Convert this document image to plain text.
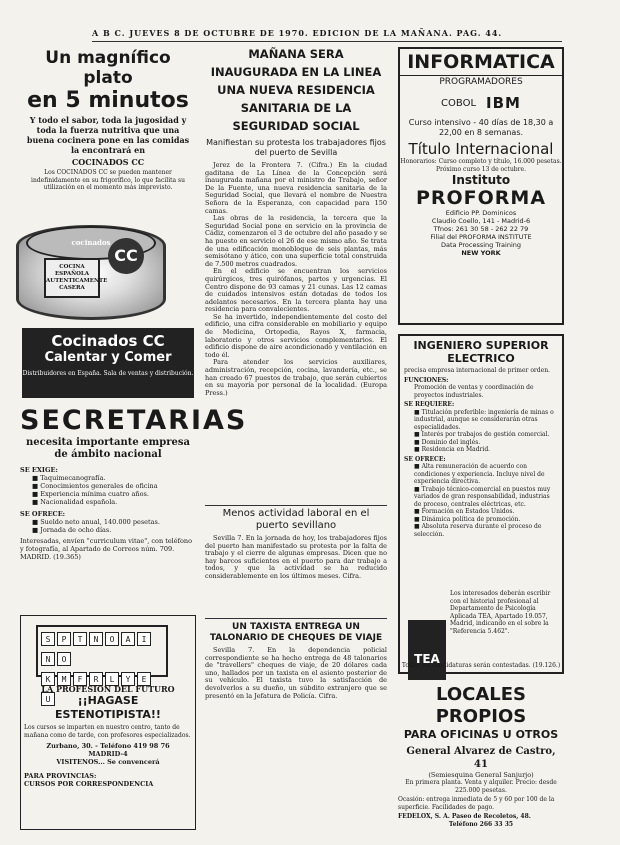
A B C. JUEVES 8 DE OCTUBRE DE 1970. EDICION DE LA MAÑANA. PAG. 44.
Un magnífico plato
en 5 minutos
Y todo el sabor, toda la jugosidad y toda la fuerza nutritiva que una buena cocinera pone en las comidas la encontrará en
COCINADOS CC
Los COCINADOS CC se pueden mantener indefinidamente en su frigorífico, lo que facilita su utilización en el momento más imprevisto.
cocinados
COCINA ESPAÑOLA AUTENTICAMENTE CASERA
CC
Cocinados CC
Calentar y Comer
Distribuidores en España. Sala de ventas y distribución.
SECRETARIAS
necesita importante empresa de ámbito nacional
SE EXIGE:
■ Taquimecanografía.
■ Conocimientos generales de oficina
■ Experiencia mínima cuatro años.
■ Nacionalidad española.
SE OFRECE:
■ Sueldo neto anual, 140.000 pesetas.
■ Jornada de ocho días.
Interesadas, envíen "curriculum vitae", con teléfono y fotografía, al Apartado de Correos núm. 709. MADRID. (19.365)
S P T N O A IN O
K M F R L Y EU
LA PROFESION DEL FUTURO
¡¡HAGASE ESTENOTIPISTA!!
Los cursos se imparten en nuestro centro, tanto de mañana como de tarde, con profesores especializados.
Zurbano, 30. - Teléfono 419 98 76
MADRID-4
VISITENOS... Se convencerá
PARA PROVINCIAS:
CURSOS POR CORRESPONDENCIA
MAÑANA SERA INAUGURADA EN LA LINEA UNA NUEVA RESIDENCIA SANITARIA DE LA SEGURIDAD SOCIAL
Manifiestan su protesta los trabajadores fijos del puerto de Sevilla
Jerez de la Frontera 7. (Cifra.) En la ciudad gaditana de La Línea de la Concepción será inaugurada mañana por el ministro de Trabajo, señor De la Fuente, una nueva residencia sanitaria de la Seguridad Social, que llevará el nombre de Nuestra Señora de la Esperanza, con capacidad para 150 camas.
Las obras de la residencia, la tercera que la Seguridad Social pone en servicio en la provincia de Cádiz, comenzaron el 3 de octubre del año pasado y se ha puesto en servicio el 26 de ese mismo año. Se trata de una edificación monobloque de seis plantas, más semisótano y ático, con una superficie total construida de 7.500 metros cuadrados.
En el edificio se encuentran los servicios quirúrgicos, tres quirófanos, partos y urgencias. El Centro dispone de 93 camas y 21 cunas. Las 12 camas de cuidados intensivos están dotadas de todos los adelantos necesarios. En la tercera planta hay una residencia para convalecientes.
Se ha invertido, independientemente del costo del edificio, una cifra considerable en mobiliario y equipo de Medicina, Ortopedia, Rayos X, farmacia, laboratorio y otros servicios complementarios. El edificio dispone de aire acondicionado y ventilación en todo él.
Para atender los servicios auxiliares, administración, recepción, cocina, lavandería, etc., se han creado 67 puestos de trabajo, que serán cubiertos en su mayoría por personal de la localidad. (Europa Press.)
Menos actividad laboral en el puerto sevillano
Sevilla 7. En la jornada de hoy, los trabajadores fijos del puerto han manifestado su protesta por la falta de trabajo y el cierre de algunas empresas. Dicen que no hay barcos suficientes en el puerto para dar trabajo a todos, y que la actividad se ha reducido considerablemente en los últimos meses. Cifra.
UN TAXISTA ENTREGA UN TALONARIO DE CHEQUES DE VIAJE
Sevilla 7. En la dependencia policial correspondiente se ha hecho entrega de 48 talonarios de "travellers" cheques de viaje, de 20 dólares cada uno, hallados por un taxista en el asiento posterior de su vehículo. El taxista tuvo la satisfacción de devolverlos a su dueño, un súbdito extranjero que se presentó en la Jefatura de Policía. Cifra.
INFORMATICA
PROGRAMADORES
COBOL IBM
Curso intensivo - 40 días de 18,30 a 22,00 en 8 semanas.
Título Internacional
Honorarios: Curso completo y título, 16.000 pesetas.
Próximo curso 13 de octubre.
Instituto
PROFORMA
Edificio PP. Dominicos
Claudio Coello, 141 - Madrid-6
Tfnos: 261 30 58 - 262 22 79
Filial del PROFORMA INSTITUTE
Data Processing Training
NEW YORK
INGENIERO SUPERIOR ELECTRICO
precisa empresa internacional de primer orden.
FUNCIONES:
Promoción de ventas y coordinación de proyectos industriales.
SE REQUIERE:
■ Titulación preferible: ingeniería de minas o industrial, aunque se considerarán otras especialidades.
■ Interés por trabajos de gestión comercial.
■ Dominio del inglés.
■ Residencia en Madrid.
SE OFRECE:
■ Alta remuneración de acuerdo con condiciones y experiencia. Incluye nivel de experiencia directiva.
■ Trabajo técnico-comercial en puestos muy variados de gran responsabilidad, industrias de proceso, centrales eléctricas, etc.
■ Formación en Estados Unidos.
■ Dinámica política de promoción.
■ Absoluta reserva durante el proceso de selección.
TEA
Los interesados deberán escribir con el historial profesional al Departamento de Psicología Aplicada TEA, Apartado 19.057, Madrid, indicando en el sobre la "Referencia 5.462".
Todas las candidaturas serán contestadas. (19.126.)
LOCALES PROPIOS
PARA OFICINAS U OTROS
General Alvarez de Castro, 41
(Semiesquina General Sanjurjo)
En primera planta. Venta y alquiler. Precio: desde 225.000 pesetas.
Ocasión: entrega inmediata de 5 y 60 por 100 de la superficie. Facilidades de pago.
FEDELOX, S. A. Paseo de Recoletos, 48.
Teléfono 266 33 35
